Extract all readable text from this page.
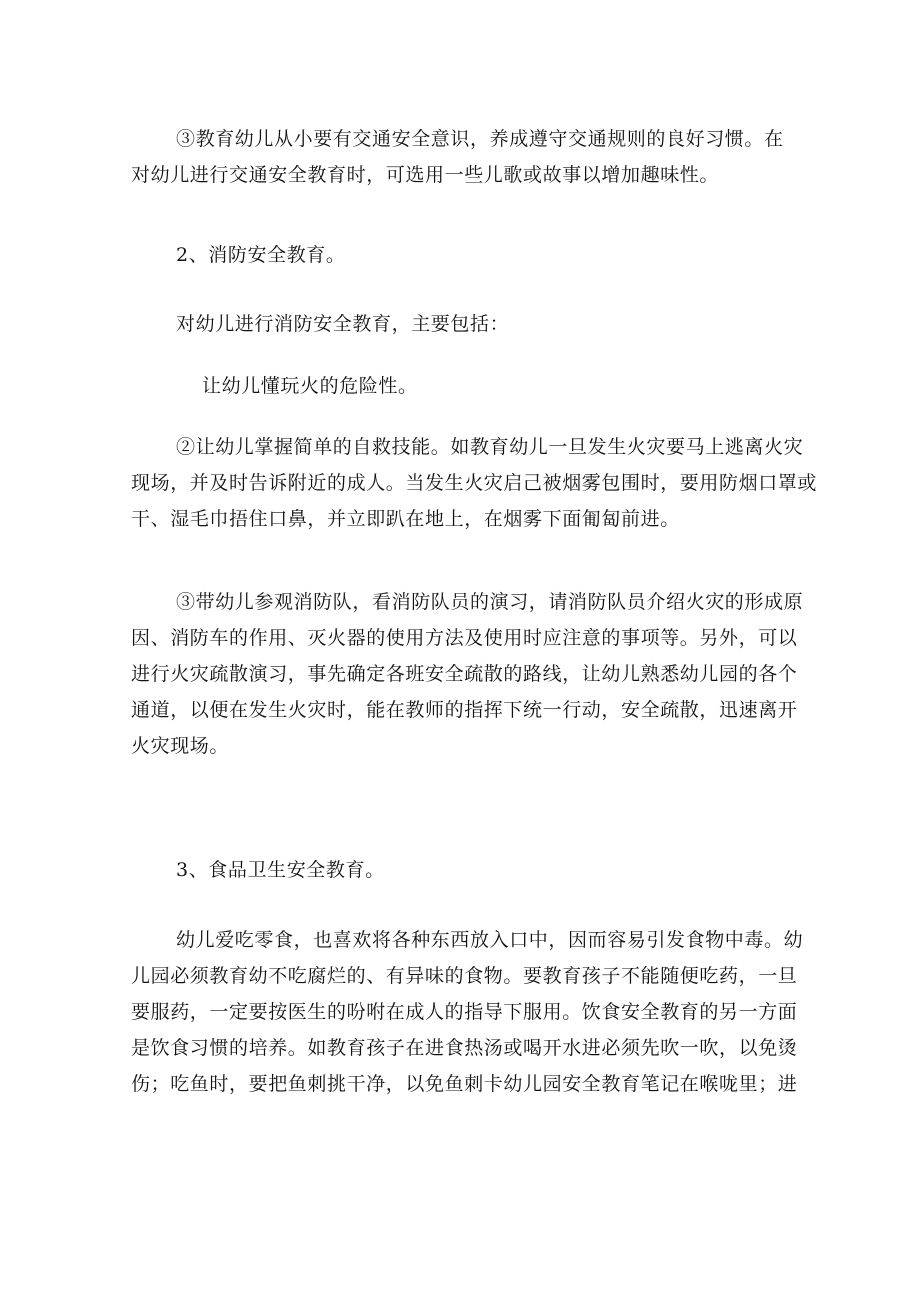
③教育幼儿从小要有交通安全意识，养成遵守交通规则的良好习惯。在
对幼儿进行交通安全教育时，可选用一些儿歌或故事以增加趣味性。
2、消防安全教育。
对幼儿进行消防安全教育，主要包括：
让幼儿懂玩火的危险性。
②让幼儿掌握简单的自救技能。如教育幼儿一旦发生火灾要马上逃离火灾
现场，并及时告诉附近的成人。当发生火灾启己被烟雾包围时，要用防烟口罩或
干、湿毛巾捂住口鼻，并立即趴在地上，在烟雾下面匍匐前进。
③带幼儿参观消防队，看消防队员的演习，请消防队员介绍火灾的形成原
因、消防车的作用、灭火器的使用方法及使用时应注意的事项等。另外，可以
进行火灾疏散演习，事先确定各班安全疏散的路线，让幼儿熟悉幼儿园的各个
通道，以便在发生火灾时，能在教师的指挥下统一行动，安全疏散，迅速离开
火灾现场。
3、食品卫生安全教育。
幼儿爱吃零食，也喜欢将各种东西放入口中，因而容易引发食物中毒。幼
儿园必须教育幼不吃腐烂的、有异味的食物。要教育孩子不能随便吃药，一旦
要服药，一定要按医生的吩咐在成人的指导下服用。饮食安全教育的另一方面
是饮食习惯的培养。如教育孩子在进食热汤或喝开水进必须先吹一吹，以免烫
伤；吃鱼时，要把鱼刺挑干净，以免鱼刺卡幼儿园安全教育笔记在喉咙里；进
